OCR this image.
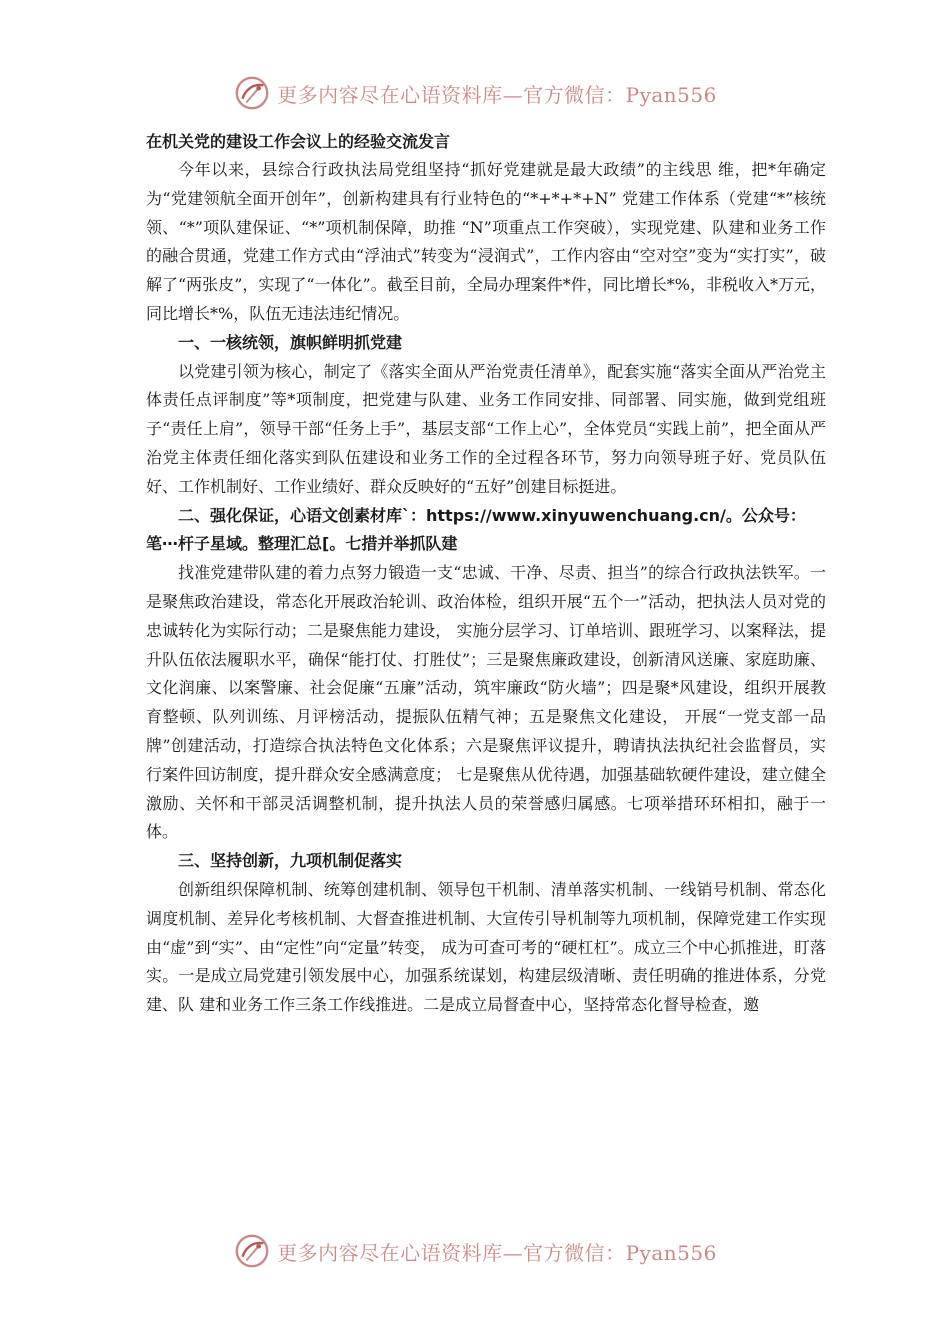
更多内容尽在心语资料库—官方微信：Pyan556

在机关党的建设工作会议上的经验交流发言

今年以来，县综合行政执法局党组坚持“抓好党建就是最大政绩”的主线思 维，把*年确定为“党建领航全面开创年”，创新构建具有行业特色的“*+*+*+N” 党建工作体系（党建“*”核统领、“*”项队建保证、“*”项机制保障，助推 “N”项重点工作突破），实现党建、队建和业务工作的融合贯通，党建工作方式由“浮油式”转变为“浸润式”，工作内容由“空对空”变为“实打实”，破 解了“两张皮”，实现了“一体化”。截至目前，全局办理案件*件，同比增长*%，非税收入*万元，同比增长*%，队伍无违法违纪情况。

一、一核统领，旗帜鲜明抓党建

以党建引领为核心，制定了《落实全面从严治党责任清单》，配套实施“落实全面从严治党主体责任点评制度”等*项制度，把党建与队建、业务工作同安排、同部署、同实施，做到党组班子“责任上肩”，领导干部“任务上手”，基层支部“工作上心”，全体党员“实践上前”，把全面从严治党主体责任细化落实到队伍建设和业务工作的全过程各环节，努力向领导班子好、党员队伍好、工作机制好、工作业绩好、群众反映好的“五好”创建目标挺进。

二、强化保证，心语文创素材库`：https://www.xinyuwenchuang.cn/。公众号：笔⋯杆子星域。整理汇总[。七措并举抓队建

找准党建带队建的着力点努力锻造一支“忠诚、干净、尽责、担当”的综合行政执法铁军。一是聚焦政治建设，常态化开展政治轮训、政治体检，组织开展“五个一”活动，把执法人员对党的忠诚转化为实际行动；二是聚焦能力建设， 实施分层学习、订单培训、跟班学习、以案释法，提升队伍依法履职水平，确保“能打仗、打胜仗”；三是聚焦廉政建设，创新清风送廉、家庭助廉、文化润廉、以案警廉、社会促廉“五廉”活动，筑牢廉政“防火墙”；四是聚*风建设，组织开展教育整顿、队列训练、月评榜活动，提振队伍精气神；五是聚焦文化建设， 开展“一党支部一品牌”创建活动，打造综合执法特色文化体系；六是聚焦评议提升，聘请执法执纪社会监督员，实行案件回访制度，提升群众安全感满意度； 七是聚焦从优待遇，加强基础软硬件建设，建立健全激励、关怀和干部灵活调整机制，提升执法人员的荣誉感归属感。七项举措环环相扣，融于一体。

三、坚持创新，九项机制促落实

创新组织保障机制、统筹创建机制、领导包干机制、清单落实机制、一线销号机制、常态化调度机制、差异化考核机制、大督查推进机制、大宣传引导机制等九项机制，保障党建工作实现由“虚”到“实”、由“定性”向“定量”转变， 成为可查可考的“硬杠杠”。成立三个中心抓推进，盯落实。一是成立局党建引领发展中心，加强系统谋划，构建层级清晰、责任明确的推进体系，分党建、队 建和业务工作三条工作线推进。二是成立局督查中心，坚持常态化督导检查，邀

更多内容尽在心语资料库—官方微信：Pyan556
